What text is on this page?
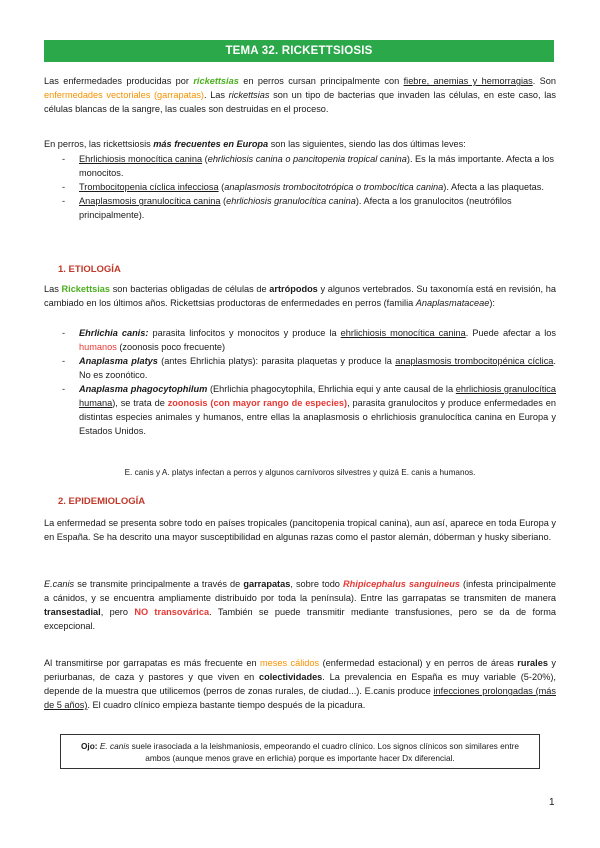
TEMA 32. RICKETTSIOSIS
Las enfermedades producidas por rickettsias en perros cursan principalmente con fiebre, anemias y hemorragias. Son enfermedades vectoriales (garrapatas). Las rickettsias son un tipo de bacterias que invaden las células, en este caso, las células blancas de la sangre, las cuales son destruidas en el proceso.
En perros, las rickettsiosis más frecuentes en Europa son las siguientes, siendo las dos últimas leves:
- Ehrlichiosis monocítica canina (ehrlichiosis canina o pancitopenia tropical canina). Es la más importante. Afecta a los monocitos.
- Trombocitopenia cíclica infecciosa (anaplasmosis trombocitotrópica o trombocítica canina). Afecta a las plaquetas.
- Anaplasmosis granulocítica canina (ehrlichiosis granulocítica canina). Afecta a los granulocitos (neutrófilos principalmente).
1. ETIOLOGÍA
Las Rickettsias son bacterias obligadas de células de artrópodos y algunos vertebrados. Su taxonomía está en revisión, ha cambiado en los últimos años. Rickettsias productoras de enfermedades en perros (familia Anaplasmataceae):
- Ehrlichia canis: parasita linfocitos y monocitos y produce la ehrlichiosis monocítica canina. Puede afectar a los humanos (zoonosis poco frecuente)
- Anaplasma platys (antes Ehrlichia platys): parasita plaquetas y produce la anaplasmosis trombocitopénica cíclica. No es zoonótico.
- Anaplasma phagocytophilum (Ehrlichia phagocytophila, Ehrlichia equi y ante causal de la ehrlichiosis granulocítica humana), se trata de zoonosis (con mayor rango de especies), parasita granulocitos y produce enfermedades en distintas especies animales y humanos, entre ellas la anaplasmosis o ehrlichiosis granulocítica canina en Europa y Estados Unidos.
E. canis y A. platys infectan a perros y algunos carnívoros silvestres y quizá E. canis a humanos.
2. EPIDEMIOLOGÍA
La enfermedad se presenta sobre todo en países tropicales (pancitopenia tropical canina), aun así, aparece en toda Europa y en España. Se ha descrito una mayor susceptibilidad en algunas razas como el pastor alemán, dóberman y husky siberiano.
E.canis se transmite principalmente a través de garrapatas, sobre todo Rhipicephalus sanguineus (infesta principalmente a cánidos, y se encuentra ampliamente distribuido por toda la península). Entre las garrapatas se transmiten de manera transestadial, pero NO transovárica. También se puede transmitir mediante transfusiones, pero se da de forma excepcional.
Al transmitirse por garrapatas es más frecuente en meses cálidos (enfermedad estacional) y en perros de áreas rurales y periurbanas, de caza y pastores y que viven en colectividades. La prevalencia en España es muy variable (5-20%), depende de la muestra que utilicemos (perros de zonas rurales, de ciudad...). E.canis produce infecciones prolongadas (más de 5 años). El cuadro clínico empieza bastante tiempo después de la picadura.
Ojo: E. canis suele irasociada a la leishmaniosis, empeorando el cuadro clínico. Los signos clínicos son similares entre
ambos (aunque menos grave en erlichia) porque es importante hacer Dx diferencial.
1
